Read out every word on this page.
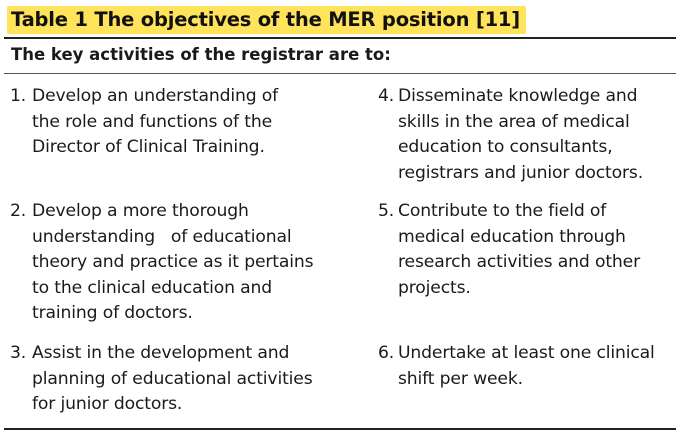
Table 1 The objectives of the MER position [11]
The key activities of the registrar are to:
1. Develop an understanding of
the role and functions of the
Director of Clinical Training.
2. Develop a more thorough
understanding   of educational
theory and practice as it pertains
to the clinical education and
training of doctors.
3. Assist in the development and
planning of educational activities
for junior doctors.
4. Disseminate knowledge and
skills in the area of medical
education to consultants,
registrars and junior doctors.
5. Contribute to the field of
medical education through
research activities and other
projects.
6. Undertake at least one clinical
shift per week.
